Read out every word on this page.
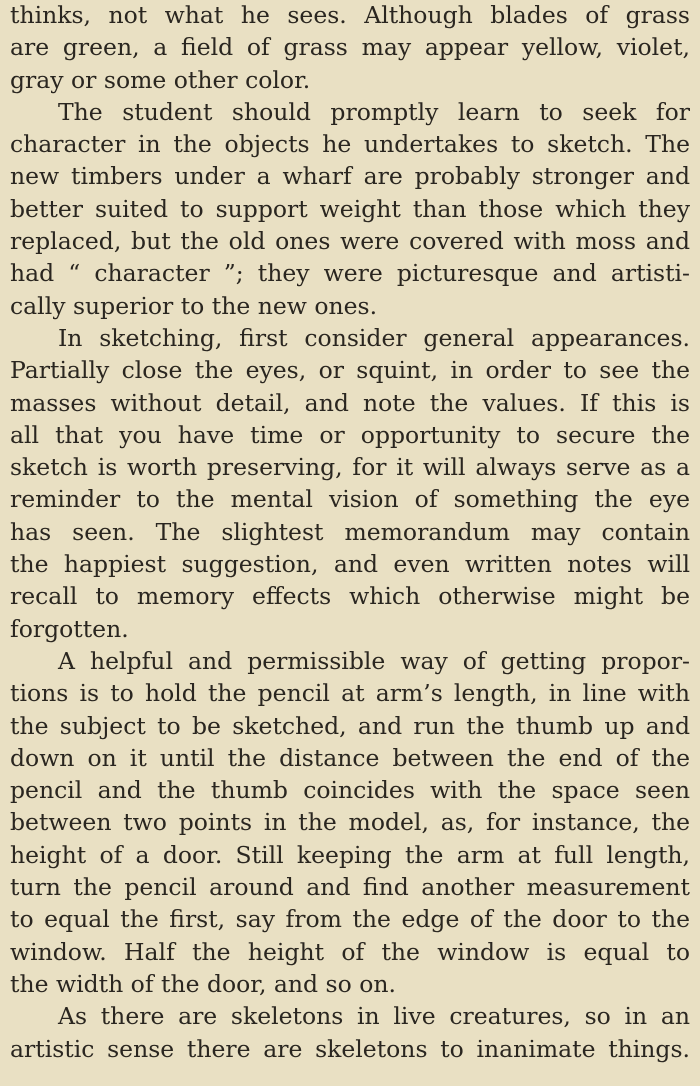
thinks, not what he sees. Although blades of grass
are green, a field of grass may appear yellow, violet,
gray or some other color.
The student should promptly learn to seek for
character in the objects he undertakes to sketch. The
new timbers under a wharf are probably stronger and
better suited to support weight than those which they
replaced, but the old ones were covered with moss and
had “ character ”; they were picturesque and artisti-
cally superior to the new ones.
In sketching, first consider general appearances.
Partially close the eyes, or squint, in order to see the
masses without detail, and note the values. If this is
all that you have time or opportunity to secure the
sketch is worth preserving, for it will always serve as a
reminder to the mental vision of something the eye
has seen. The slightest memorandum may contain
the happiest suggestion, and even written notes will
recall to memory effects which otherwise might be
forgotten.
A helpful and permissible way of getting propor-
tions is to hold the pencil at arm’s length, in line with
the subject to be sketched, and run the thumb up and
down on it until the distance between the end of the
pencil and the thumb coincides with the space seen
between two points in the model, as, for instance, the
height of a door. Still keeping the arm at full length,
turn the pencil around and find another measurement
to equal the first, say from the edge of the door to the
window. Half the height of the window is equal to
the width of the door, and so on.
As there are skeletons in live creatures, so in an
artistic sense there are skeletons to inanimate things.
